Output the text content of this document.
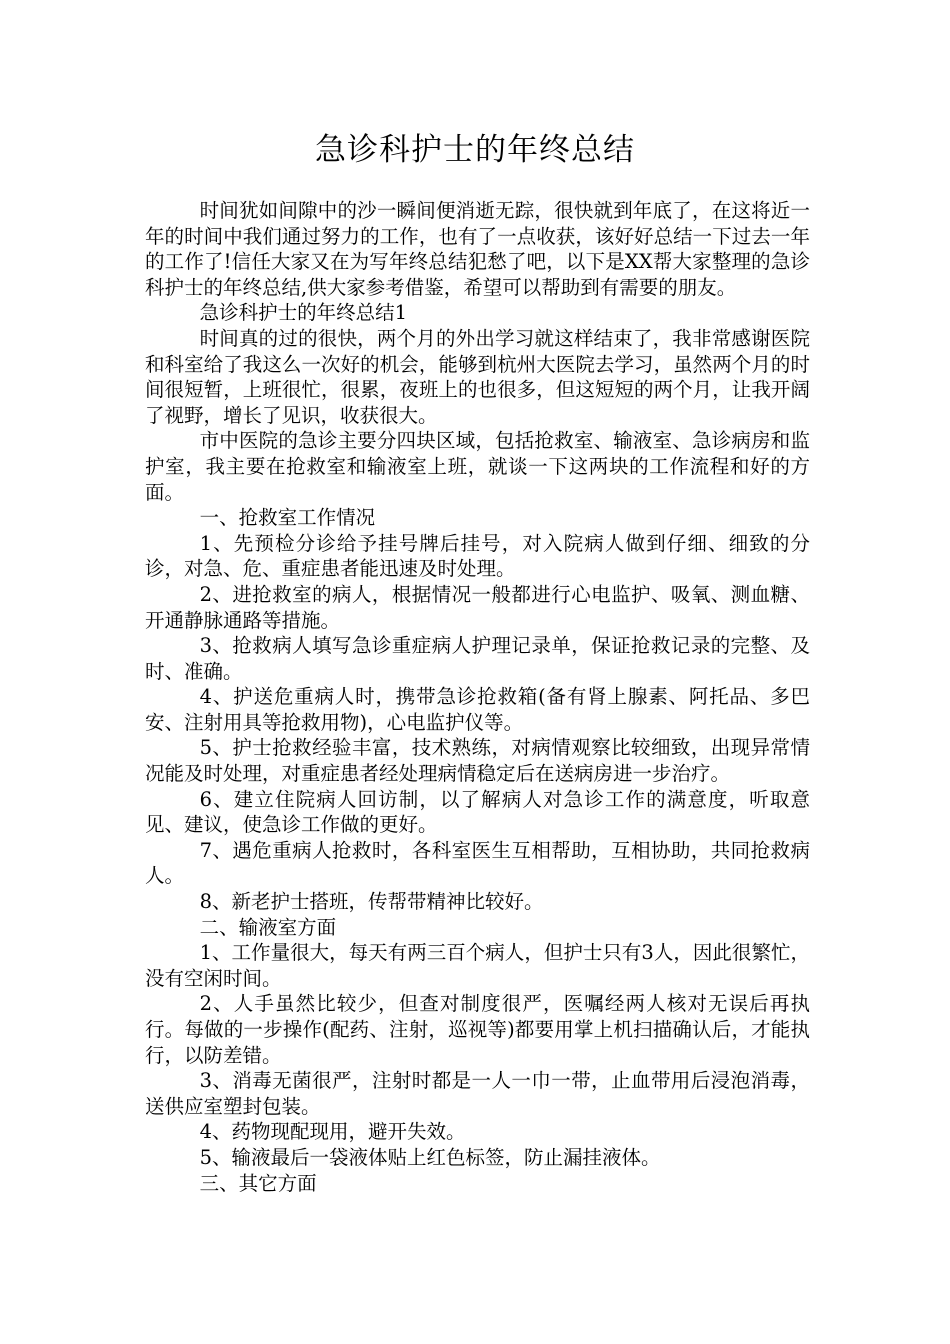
急诊科护士的年终总结

时间犹如间隙中的沙一瞬间便消逝无踪，很快就到年底了，在这将近一年的时间中我们通过努力的工作，也有了一点收获，该好好总结一下过去一年的工作了!信任大家又在为写年终总结犯愁了吧，以下是XX帮大家整理的急诊科护士的年终总结,供大家参考借鉴，希望可以帮助到有需要的朋友。

急诊科护士的年终总结1

时间真的过的很快，两个月的外出学习就这样结束了，我非常感谢医院和科室给了我这么一次好的机会，能够到杭州大医院去学习，虽然两个月的时间很短暂，上班很忙，很累，夜班上的也很多，但这短短的两个月，让我开阔了视野，增长了见识，收获很大。

市中医院的急诊主要分四块区域，包括抢救室、输液室、急诊病房和监护室，我主要在抢救室和输液室上班，就谈一下这两块的工作流程和好的方面。

一、抢救室工作情况

1、先预检分诊给予挂号牌后挂号，对入院病人做到仔细、细致的分诊，对急、危、重症患者能迅速及时处理。

2、进抢救室的病人，根据情况一般都进行心电监护、吸氧、测血糖、开通静脉通路等措施。

3、抢救病人填写急诊重症病人护理记录单，保证抢救记录的完整、及时、准确。

4、护送危重病人时，携带急诊抢救箱(备有肾上腺素、阿托品、多巴安、注射用具等抢救用物)，心电监护仪等。

5、护士抢救经验丰富，技术熟练，对病情观察比较细致，出现异常情况能及时处理，对重症患者经处理病情稳定后在送病房进一步治疗。

6、建立住院病人回访制，以了解病人对急诊工作的满意度，听取意见、建议，使急诊工作做的更好。

7、遇危重病人抢救时，各科室医生互相帮助，互相协助，共同抢救病人。

8、新老护士搭班，传帮带精神比较好。

二、输液室方面

1、工作量很大，每天有两三百个病人，但护士只有3人，因此很繁忙，没有空闲时间。

2、人手虽然比较少，但查对制度很严，医嘱经两人核对无误后再执行。每做的一步操作(配药、注射，巡视等)都要用掌上机扫描确认后，才能执行，以防差错。

3、消毒无菌很严，注射时都是一人一巾一带，止血带用后浸泡消毒，送供应室塑封包装。

4、药物现配现用，避开失效。

5、输液最后一袋液体贴上红色标签，防止漏挂液体。

三、其它方面
